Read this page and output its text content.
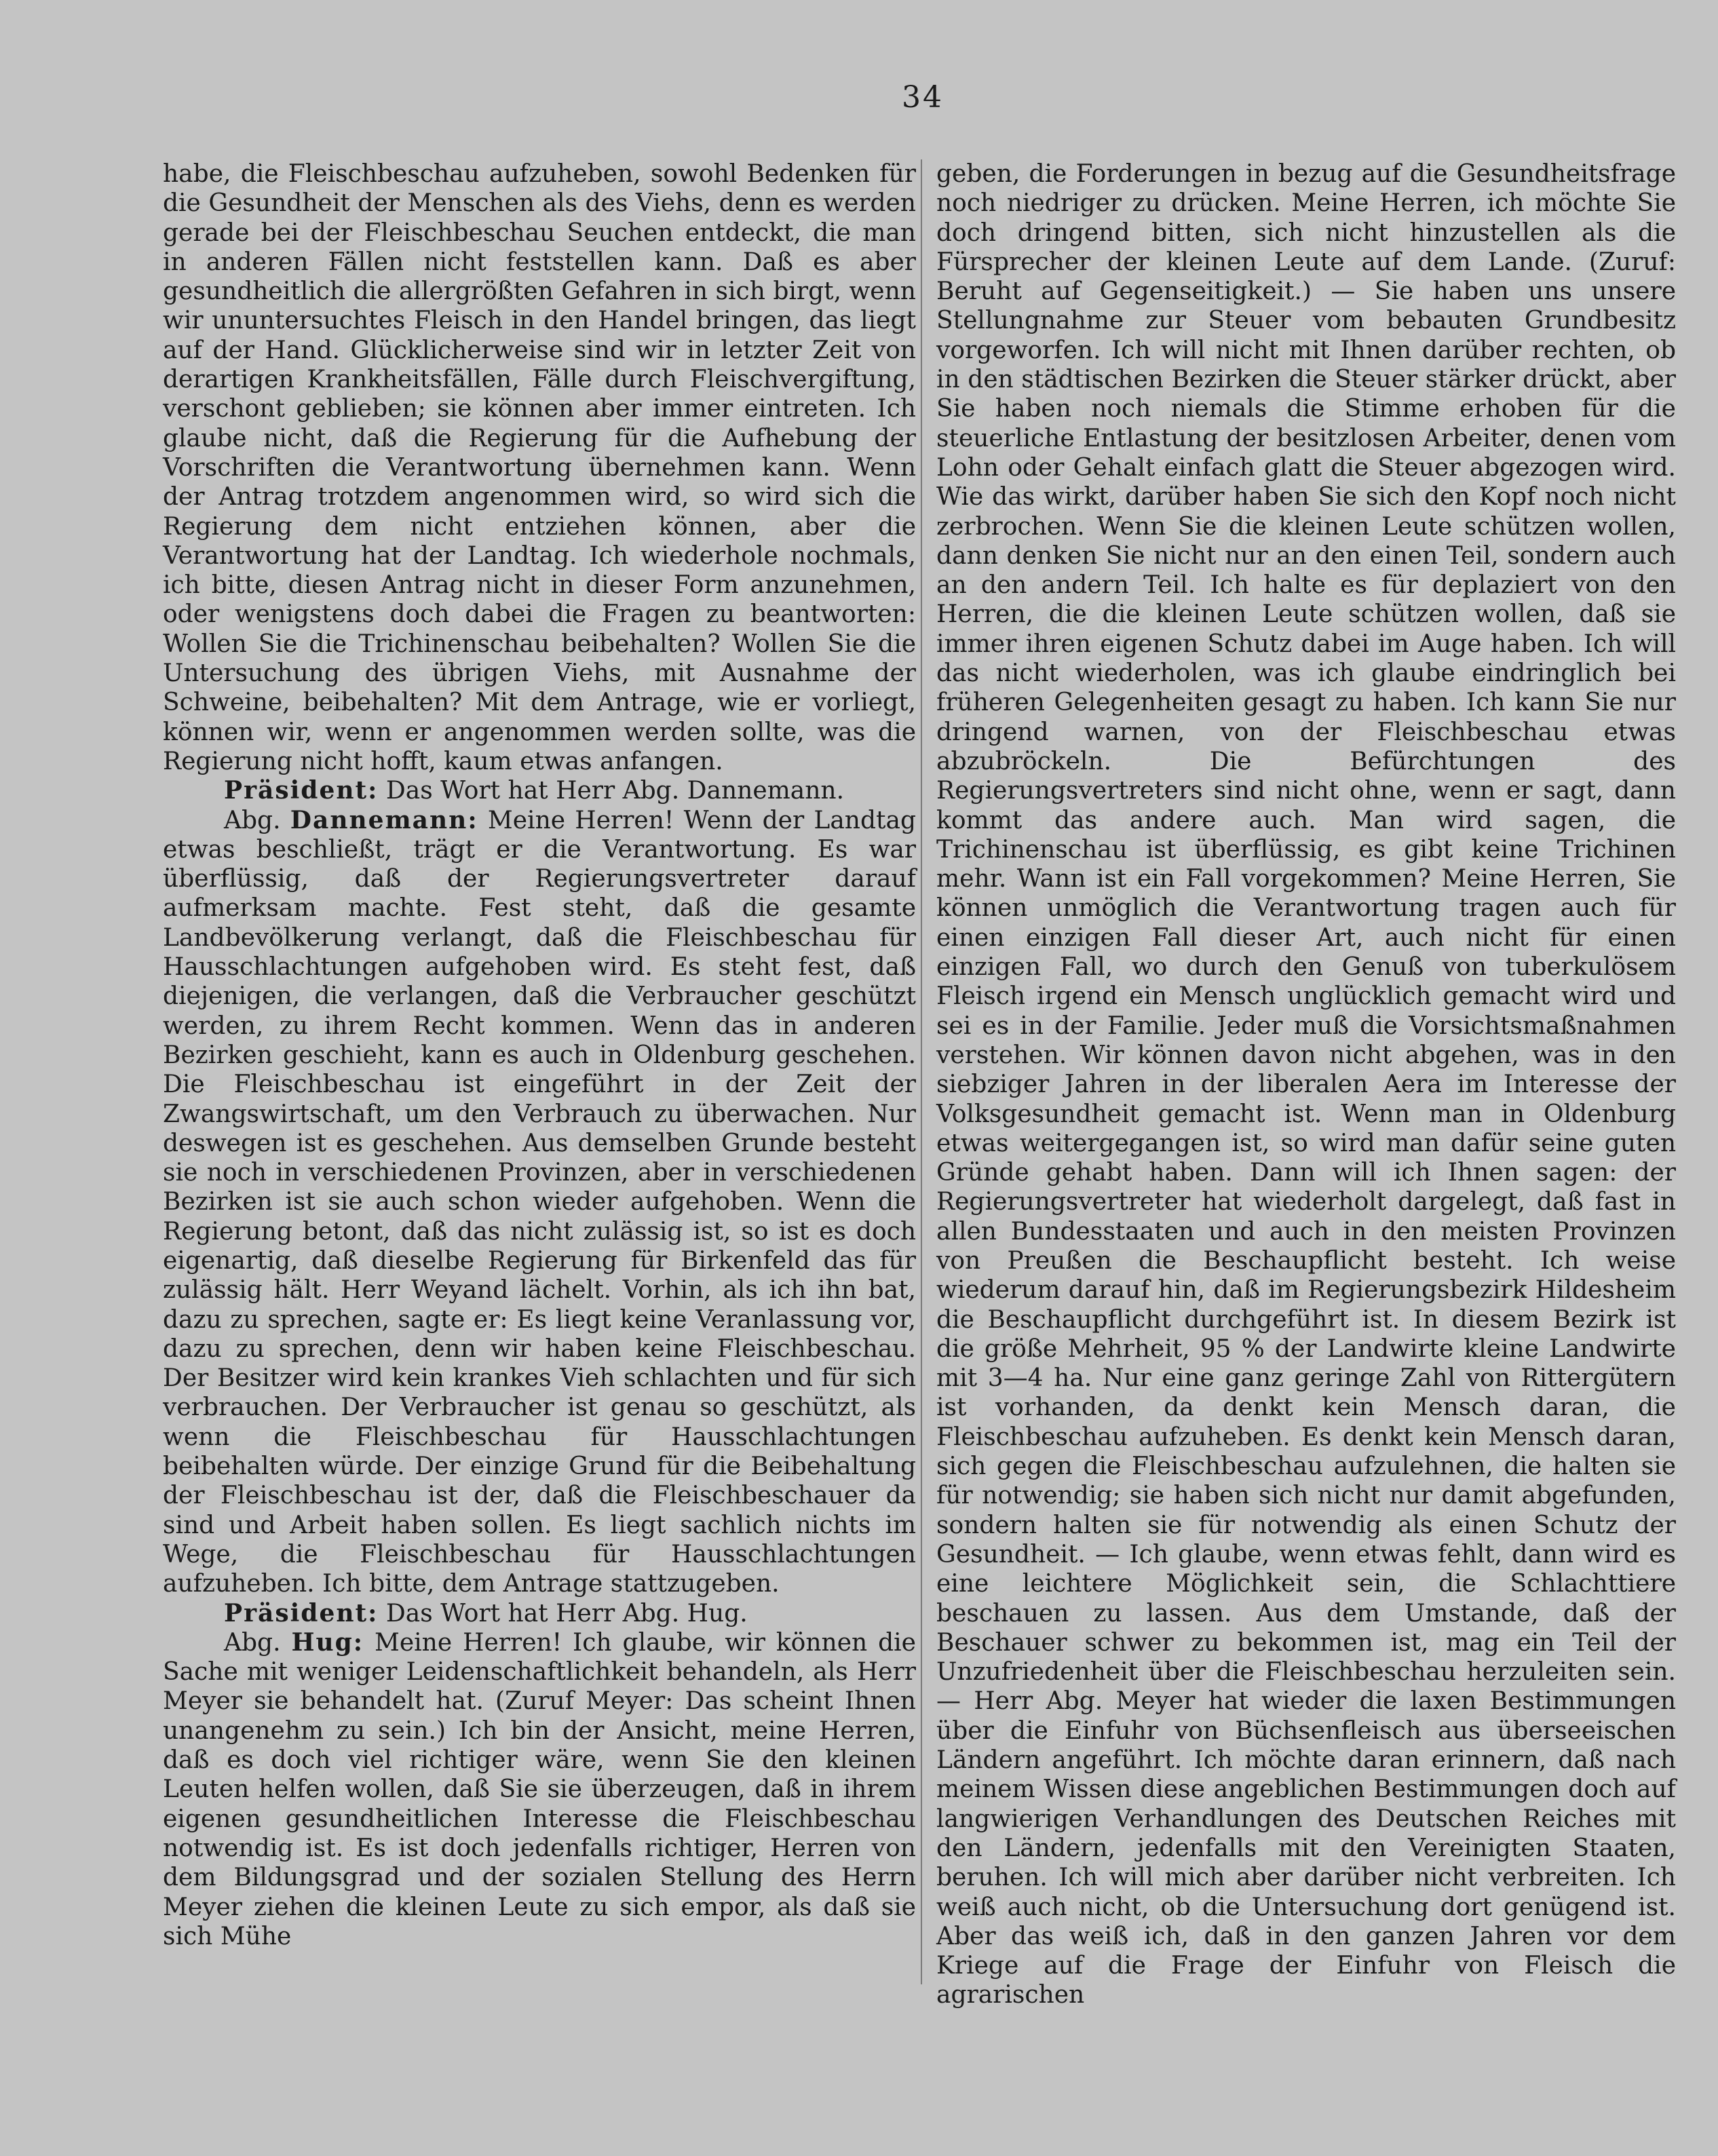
34

habe, die Fleischbeschau aufzuheben, sowohl Bedenken für die Gesundheit der Menschen als des Viehs, denn es werden gerade bei der Fleischbeschau Seuchen entdeckt, die man in anderen Fällen nicht feststellen kann. Daß es aber gesundheitlich die allergrößten Gefahren in sich birgt, wenn wir ununtersuchtes Fleisch in den Handel bringen, das liegt auf der Hand. Glücklicherweise sind wir in letzter Zeit von derartigen Krankheitsfällen, Fälle durch Fleischvergiftung, verschont geblieben; sie können aber immer eintreten. Ich glaube nicht, daß die Regierung für die Aufhebung der Vorschriften die Verantwortung übernehmen kann. Wenn der Antrag trotzdem angenommen wird, so wird sich die Regierung dem nicht entziehen können, aber die Verantwortung hat der Landtag. Ich wiederhole nochmals, ich bitte, diesen Antrag nicht in dieser Form anzunehmen, oder wenigstens doch dabei die Fragen zu beantworten: Wollen Sie die Trichinenschau beibehalten? Wollen Sie die Untersuchung des übrigen Viehs, mit Ausnahme der Schweine, beibehalten? Mit dem Antrage, wie er vorliegt, können wir, wenn er angenommen werden sollte, was die Regierung nicht hofft, kaum etwas anfangen.

Präsident: Das Wort hat Herr Abg. Dannemann.

Abg. Dannemann: Meine Herren! Wenn der Landtag etwas beschließt, trägt er die Verantwortung. Es war überflüssig, daß der Regierungsvertreter darauf aufmerksam machte. Fest steht, daß die gesamte Landbevölkerung verlangt, daß die Fleischbeschau für Hausschlachtungen aufgehoben wird. Es steht fest, daß diejenigen, die verlangen, daß die Verbraucher geschützt werden, zu ihrem Recht kommen. Wenn das in anderen Bezirken geschieht, kann es auch in Oldenburg geschehen. Die Fleischbeschau ist eingeführt in der Zeit der Zwangswirtschaft, um den Verbrauch zu überwachen. Nur deswegen ist es geschehen. Aus demselben Grunde besteht sie noch in verschiedenen Provinzen, aber in verschiedenen Bezirken ist sie auch schon wieder aufgehoben. Wenn die Regierung betont, daß das nicht zulässig ist, so ist es doch eigenartig, daß dieselbe Regierung für Birkenfeld das für zulässig hält. Herr Weyand lächelt. Vorhin, als ich ihn bat, dazu zu sprechen, sagte er: Es liegt keine Veranlassung vor, dazu zu sprechen, denn wir haben keine Fleischbeschau. Der Besitzer wird kein krankes Vieh schlachten und für sich verbrauchen. Der Verbraucher ist genau so geschützt, als wenn die Fleischbeschau für Hausschlachtungen beibehalten würde. Der einzige Grund für die Beibehaltung der Fleischbeschau ist der, daß die Fleischbeschauer da sind und Arbeit haben sollen. Es liegt sachlich nichts im Wege, die Fleischbeschau für Hausschlachtungen aufzuheben. Ich bitte, dem Antrage stattzugeben.

Präsident: Das Wort hat Herr Abg. Hug.

Abg. Hug: Meine Herren! Ich glaube, wir können die Sache mit weniger Leidenschaftlichkeit behandeln, als Herr Meyer sie behandelt hat. (Zuruf Meyer: Das scheint Ihnen unangenehm zu sein.) Ich bin der Ansicht, meine Herren, daß es doch viel richtiger wäre, wenn Sie den kleinen Leuten helfen wollen, daß Sie sie überzeugen, daß in ihrem eigenen gesundheitlichen Interesse die Fleischbeschau notwendig ist. Es ist doch jedenfalls richtiger, Herren von dem Bildungsgrad und der sozialen Stellung des Herrn Meyer ziehen die kleinen Leute zu sich empor, als daß sie sich Mühe

geben, die Forderungen in bezug auf die Gesundheitsfrage noch niedriger zu drücken. Meine Herren, ich möchte Sie doch dringend bitten, sich nicht hinzustellen als die Fürsprecher der kleinen Leute auf dem Lande. (Zuruf: Beruht auf Gegenseitigkeit.) — Sie haben uns unsere Stellungnahme zur Steuer vom bebauten Grundbesitz vorgeworfen. Ich will nicht mit Ihnen darüber rechten, ob in den städtischen Bezirken die Steuer stärker drückt, aber Sie haben noch niemals die Stimme erhoben für die steuerliche Entlastung der besitzlosen Arbeiter, denen vom Lohn oder Gehalt einfach glatt die Steuer abgezogen wird. Wie das wirkt, darüber haben Sie sich den Kopf noch nicht zerbrochen. Wenn Sie die kleinen Leute schützen wollen, dann denken Sie nicht nur an den einen Teil, sondern auch an den andern Teil. Ich halte es für deplaziert von den Herren, die die kleinen Leute schützen wollen, daß sie immer ihren eigenen Schutz dabei im Auge haben. Ich will das nicht wiederholen, was ich glaube eindringlich bei früheren Gelegenheiten gesagt zu haben. Ich kann Sie nur dringend warnen, von der Fleischbeschau etwas abzubröckeln. Die Befürchtungen des Regierungsvertreters sind nicht ohne, wenn er sagt, dann kommt das andere auch. Man wird sagen, die Trichinenschau ist überflüssig, es gibt keine Trichinen mehr. Wann ist ein Fall vorgekommen? Meine Herren, Sie können unmöglich die Verantwortung tragen auch für einen einzigen Fall dieser Art, auch nicht für einen einzigen Fall, wo durch den Genuß von tuberkulösem Fleisch irgend ein Mensch unglücklich gemacht wird und sei es in der Familie. Jeder muß die Vorsichtsmaßnahmen verstehen. Wir können davon nicht abgehen, was in den siebziger Jahren in der liberalen Aera im Interesse der Volksgesundheit gemacht ist. Wenn man in Oldenburg etwas weitergegangen ist, so wird man dafür seine guten Gründe gehabt haben. Dann will ich Ihnen sagen: der Regierungsvertreter hat wiederholt dargelegt, daß fast in allen Bundesstaaten und auch in den meisten Provinzen von Preußen die Beschaupflicht besteht. Ich weise wiederum darauf hin, daß im Regierungsbezirk Hildesheim die Beschaupflicht durchgeführt ist. In diesem Bezirk ist die größe Mehrheit, 95 % der Landwirte kleine Landwirte mit 3—4 ha. Nur eine ganz geringe Zahl von Rittergütern ist vorhanden, da denkt kein Mensch daran, die Fleischbeschau aufzuheben. Es denkt kein Mensch daran, sich gegen die Fleischbeschau aufzulehnen, die halten sie für notwendig; sie haben sich nicht nur damit abgefunden, sondern halten sie für notwendig als einen Schutz der Gesundheit. — Ich glaube, wenn etwas fehlt, dann wird es eine leichtere Möglichkeit sein, die Schlachttiere beschauen zu lassen. Aus dem Umstande, daß der Beschauer schwer zu bekommen ist, mag ein Teil der Unzufriedenheit über die Fleischbeschau herzuleiten sein. — Herr Abg. Meyer hat wieder die laxen Bestimmungen über die Einfuhr von Büchsenfleisch aus überseeischen Ländern angeführt. Ich möchte daran erinnern, daß nach meinem Wissen diese angeblichen Bestimmungen doch auf langwierigen Verhandlungen des Deutschen Reiches mit den Ländern, jedenfalls mit den Vereinigten Staaten, beruhen. Ich will mich aber darüber nicht verbreiten. Ich weiß auch nicht, ob die Untersuchung dort genügend ist. Aber das weiß ich, daß in den ganzen Jahren vor dem Kriege auf die Frage der Einfuhr von Fleisch die agrarischen
